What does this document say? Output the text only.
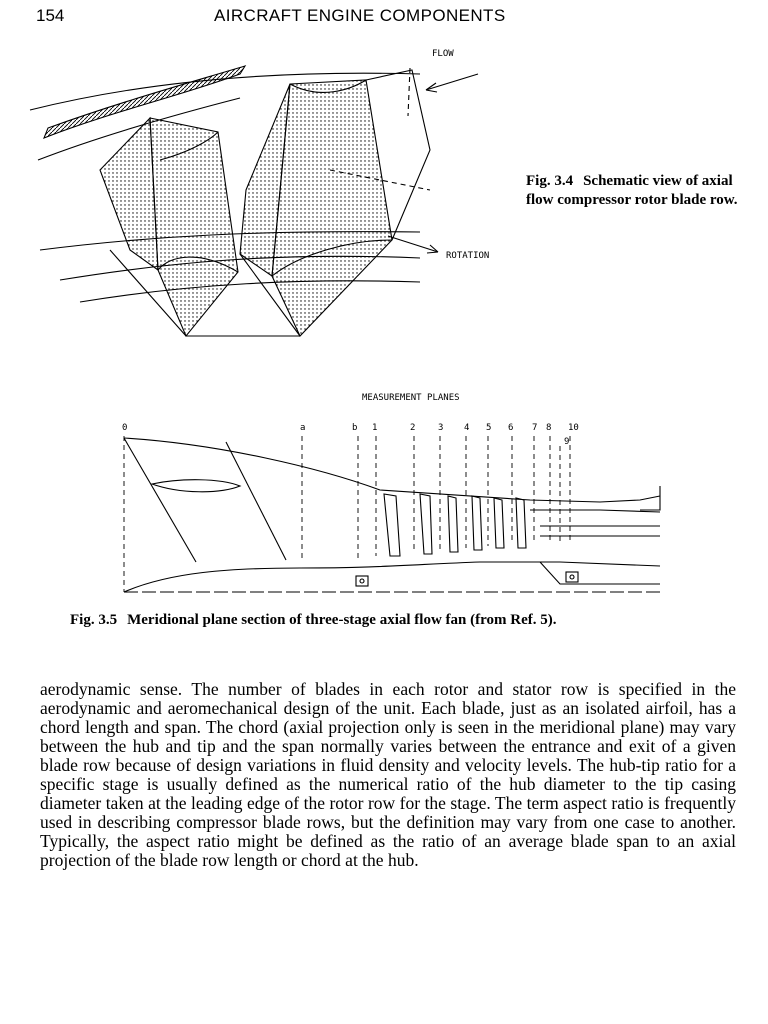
154	AIRCRAFT ENGINE COMPONENTS
FLOW
ROTATION
Fig. 3.4 Schematic view of axial flow compressor rotor blade row.
MEASUREMENT PLANES
0	a	b 1	2	3 4 5 6 7 8
9
10
Fig. 3.5 Meridional plane section of three-stage axial flow fan (from Ref. 5).

aerodynamic sense. The number of blades in each rotor and stator row is specified in the aerodynamic and aeromechanical design of the unit. Each blade, just as an isolated airfoil, has a chord length and span. The chord (axial projection only is seen in the meridional plane) may vary between the hub and tip and the span normally varies between the entrance and exit of a given blade row because of design variations in fluid density and velocity levels. The hub-tip ratio for a specific stage is usually defined as the numerical ratio of the hub diameter to the tip casing diameter taken at the leading edge of the rotor row for the stage. The term aspect ratio is frequently used in describing compressor blade rows, but the definition may vary from one case to another. Typically, the aspect ratio might be defined as the ratio of an average blade span to an axial projection of the blade row length or chord at the hub.
